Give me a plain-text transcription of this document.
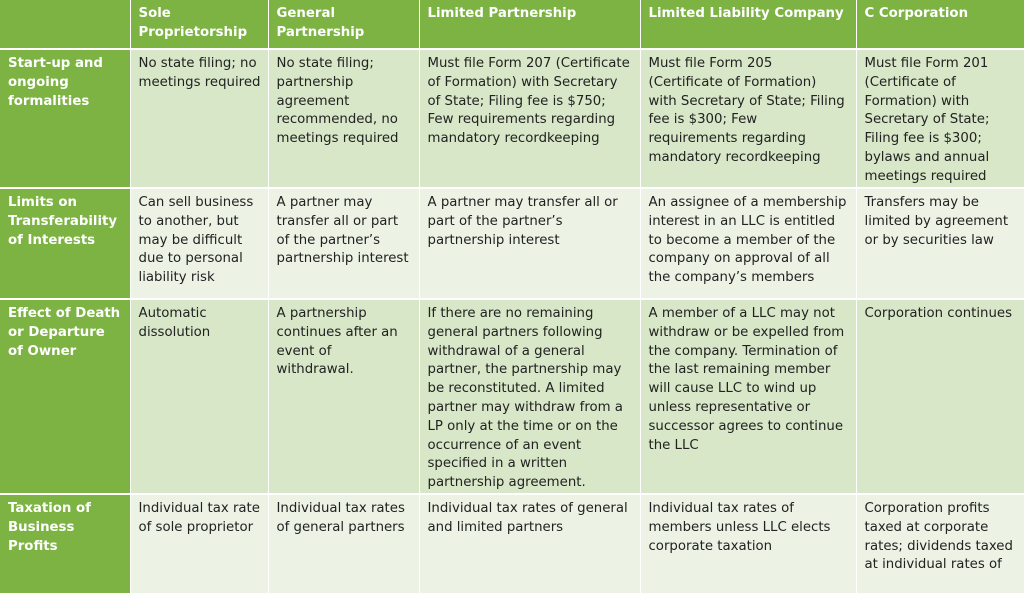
	Sole Proprietorship	General Partnership	Limited Partnership	Limited Liability Company	C Corporation
Start-up and ongoing formalities	No state filing; no meetings required	No state filing; partnership agreement recommended, no meetings required	Must file Form 207 (Certificate of Formation) with Secretary of State; Filing fee is $750; Few requirements regarding mandatory recordkeeping	Must file Form 205 (Certificate of Formation) with Secretary of State; Filing fee is $300; Few requirements regarding mandatory recordkeeping	Must file Form 201 (Certificate of Formation) with Secretary of State; Filing fee is $300; bylaws and annual meetings required
Limits on Transferability of Interests	Can sell business to another, but may be difficult due to personal liability risk	A partner may transfer all or part of the partner’s partnership interest	A partner may transfer all or part of the partner’s partnership interest	An assignee of a membership interest in an LLC is entitled to become a member of the company on approval of all the company’s members	Transfers may be limited by agreement or by securities law
Effect of Death or Departure of Owner	Automatic dissolution	A partnership continues after an event of withdrawal.	If there are no remaining general partners following withdrawal of a general partner, the partnership may be reconstituted. A limited partner may withdraw from a LP only at the time or on the occurrence of an event specified in a written partnership agreement.	A member of a LLC may not withdraw or be expelled from the company. Termination of the last remaining member will cause LLC to wind up unless representative or successor agrees to continue the LLC	Corporation continues
Taxation of Business Profits	Individual tax rate of sole proprietor	Individual tax rates of general partners	Individual tax rates of general and limited partners	Individual tax rates of members unless LLC elects corporate taxation	Corporation profits taxed at corporate rates; dividends taxed at individual rates of
